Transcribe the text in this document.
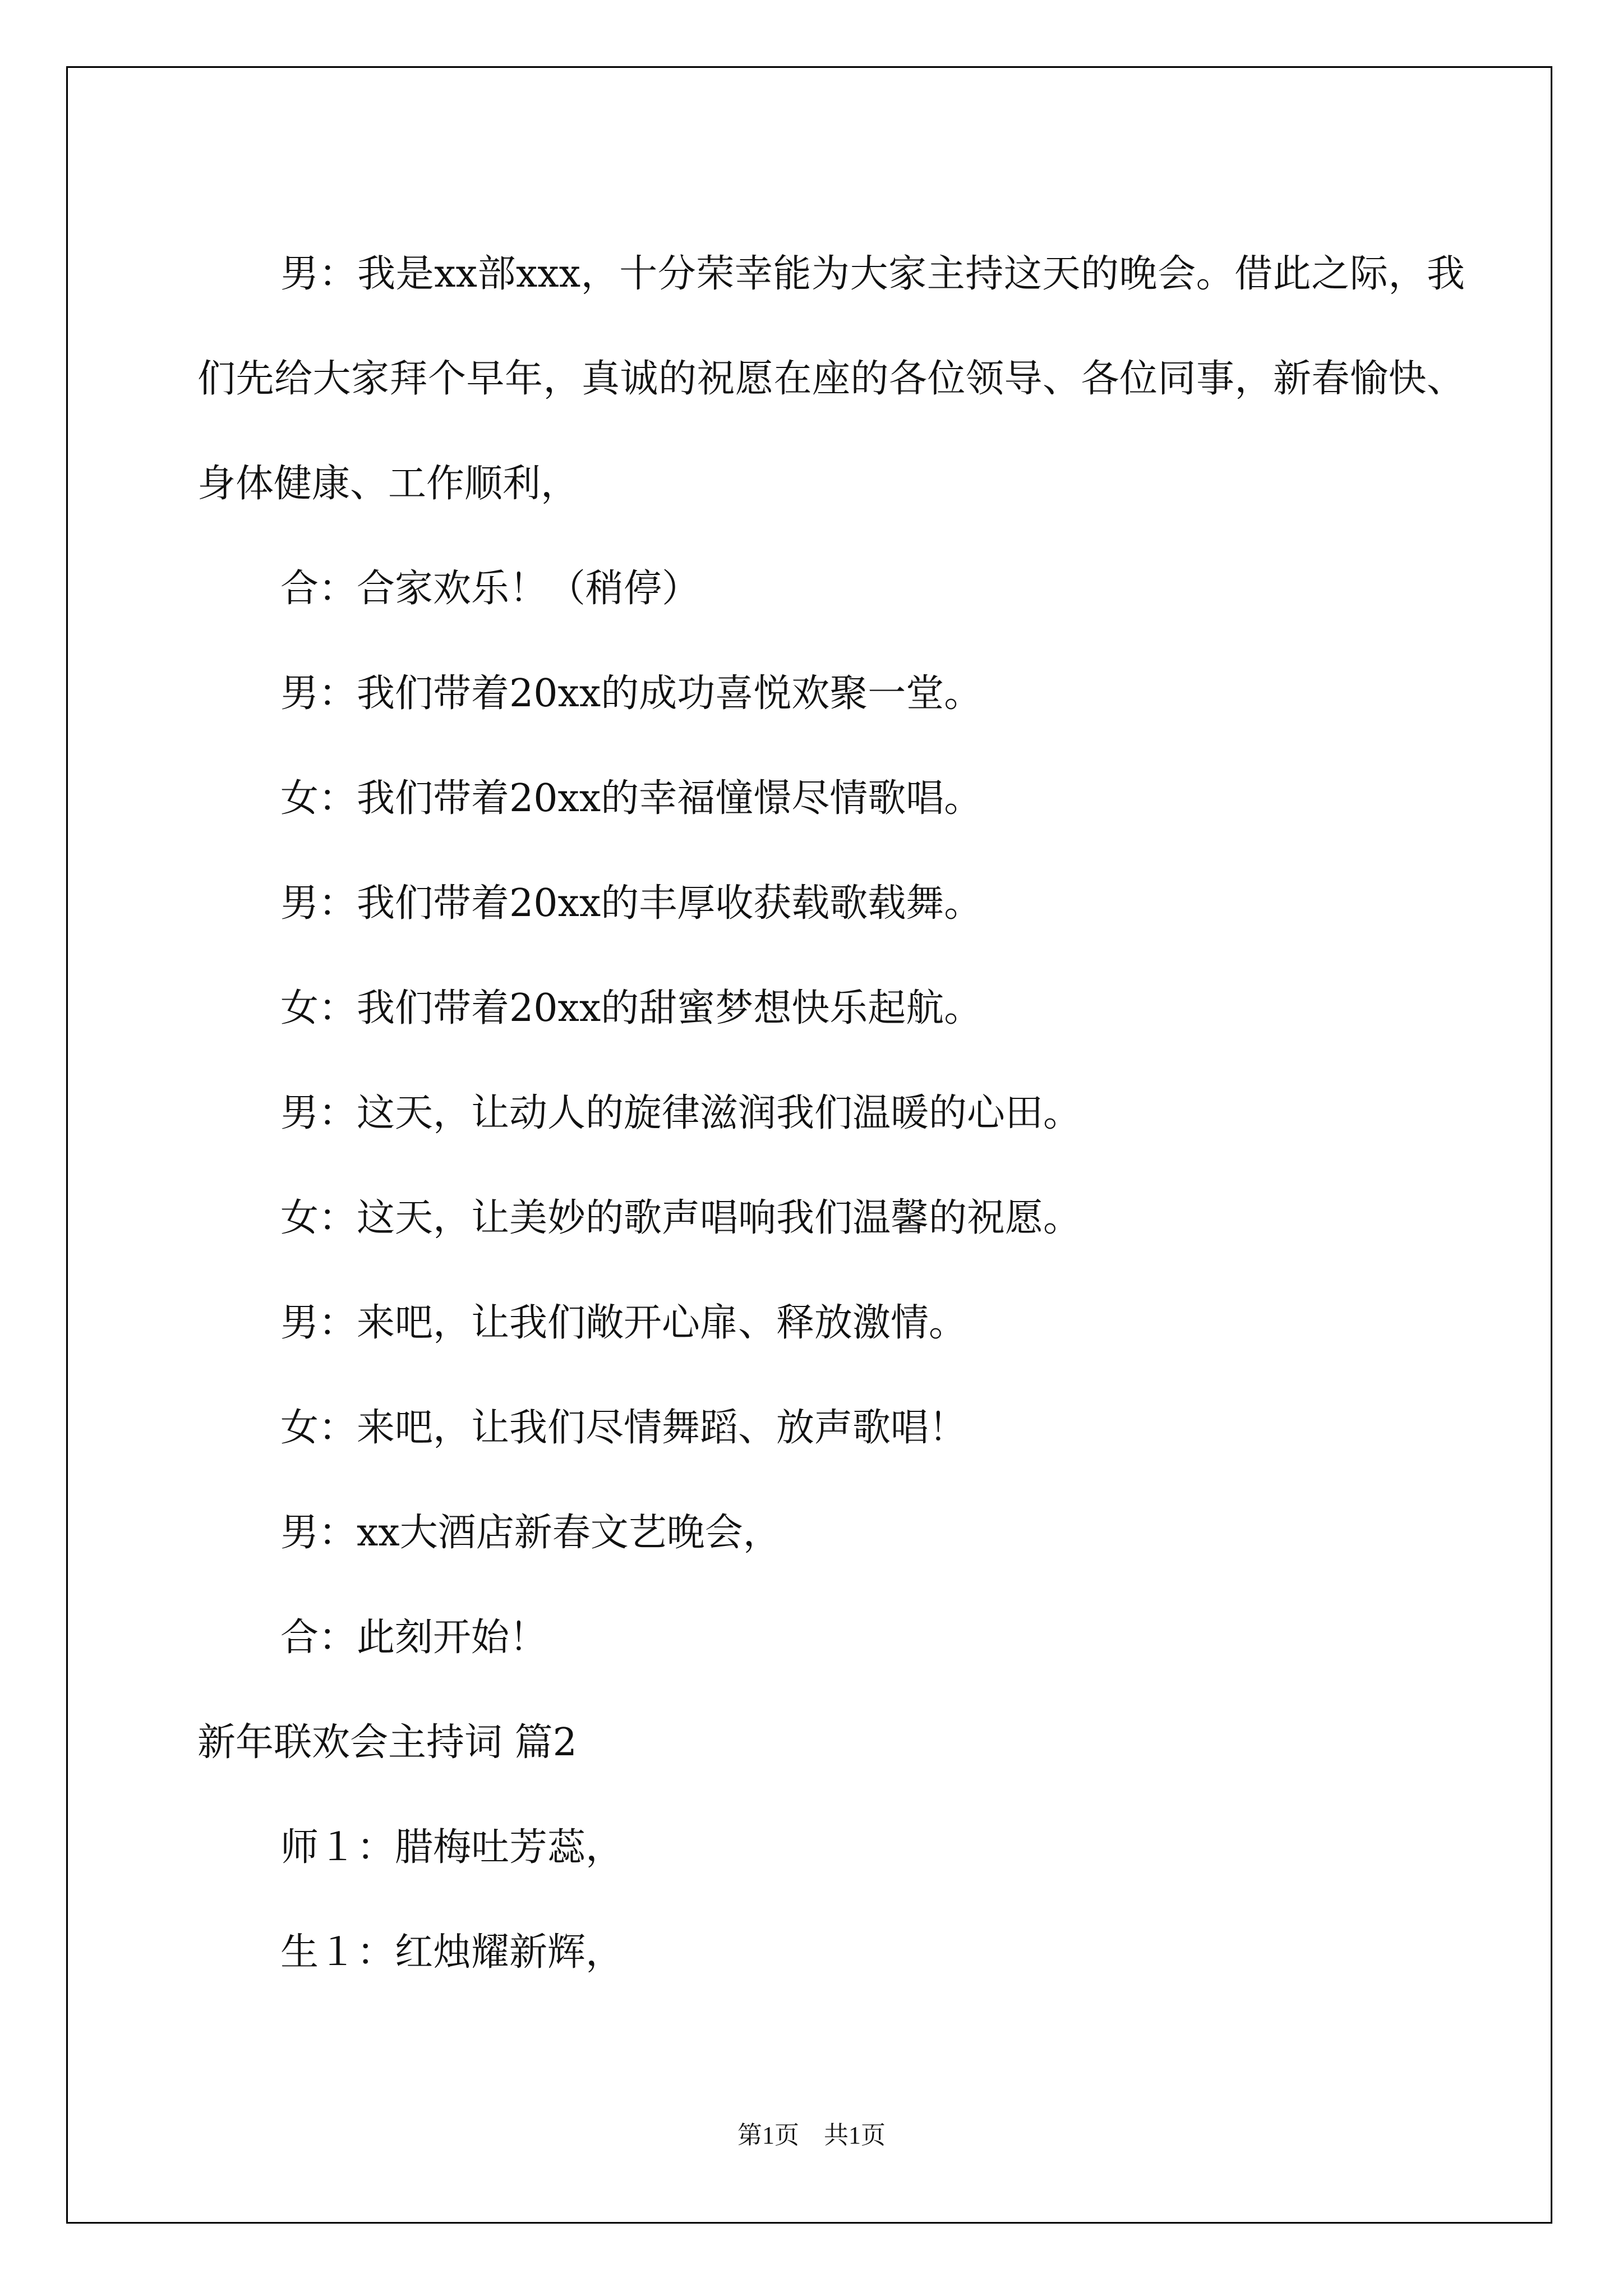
男：我是xx部xxx，十分荣幸能为大家主持这天的晚会。借此之际，我们先给大家拜个早年，真诚的祝愿在座的各位领导、各位同事，新春愉快、身体健康、工作顺利，

合：合家欢乐！（稍停）

男：我们带着20xx的成功喜悦欢聚一堂。

女：我们带着20xx的幸福憧憬尽情歌唱。

男：我们带着20xx的丰厚收获载歌载舞。

女：我们带着20xx的甜蜜梦想快乐起航。

男：这天，让动人的旋律滋润我们温暖的心田。

女：这天，让美妙的歌声唱响我们温馨的祝愿。

男：来吧，让我们敞开心扉、释放激情。

女：来吧，让我们尽情舞蹈、放声歌唱！

男：xx大酒店新春文艺晚会，

合：此刻开始！

新年联欢会主持词 篇2

师１：腊梅吐芳蕊，

生１：红烛耀新辉，

第1页　共1页
